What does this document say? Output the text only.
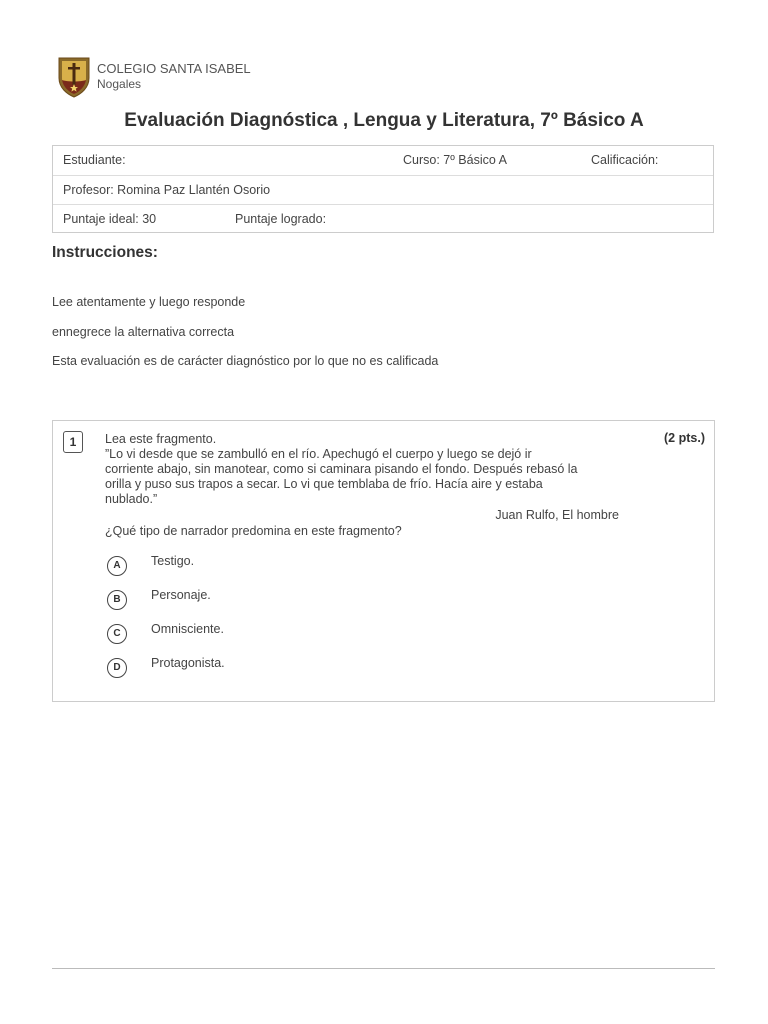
COLEGIO SANTA ISABEL
Nogales
Evaluación Diagnóstica , Lengua y Literatura, 7º Básico A
Estudiante:	Curso: 7º Básico A	Calificación:
Profesor: Romina Paz Llantén Osorio
Puntaje ideal: 30	Puntaje logrado:
Instrucciones:
Lee atentamente y luego responde
ennegrece la alternativa correcta
Esta evaluación es de carácter diagnóstico por lo que no es calificada
1	(2 pts.)
Lea este fragmento.
”Lo vi desde que se zambulló en el río. Apechugó el cuerpo y luego se dejó ir
corriente abajo, sin manotear, como si caminara pisando el fondo. Después rebasó la
orilla y puso sus trapos a secar. Lo vi que temblaba de frío. Hacía aire y estaba
nublado.”
Juan Rulfo, El hombre
¿Qué tipo de narrador predomina en este fragmento?
A	Testigo.
B	Personaje.
C	Omnisciente.
D	Protagonista.
